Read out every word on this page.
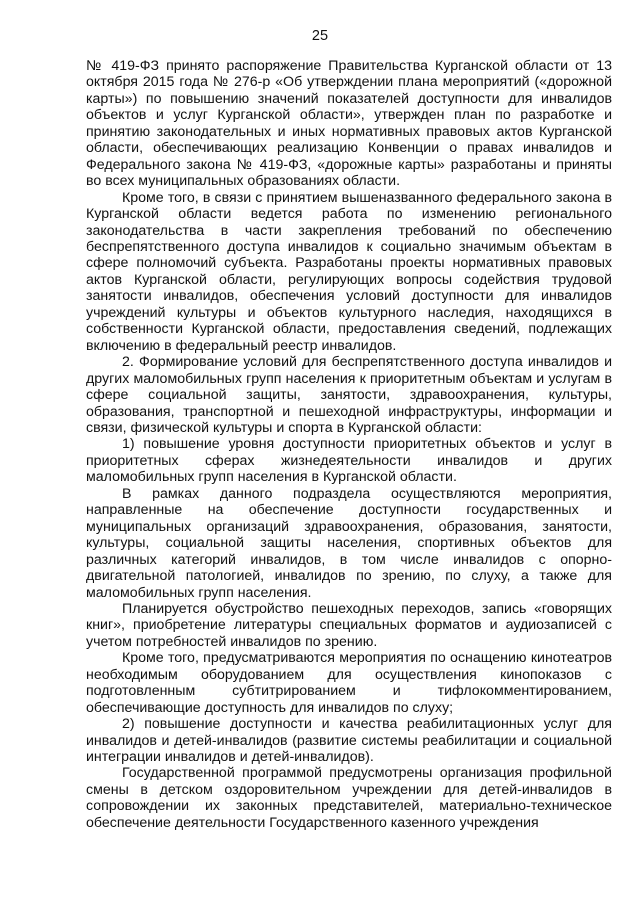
25

№ 419-ФЗ принято распоряжение Правительства Курганской области от 13 октября 2015 года № 276-р «Об утверждении плана мероприятий («дорожной карты») по повышению значений показателей доступности для инвалидов объектов и услуг Курганской области», утвержден план по разработке и принятию законодательных и иных нормативных правовых актов Курганской области, обеспечивающих реализацию Конвенции о правах инвалидов и Федерального закона № 419-ФЗ, «дорожные карты» разработаны и приняты во всех муниципальных образованиях области.

Кроме того, в связи с принятием вышеназванного федерального закона в Курганской области ведется работа по изменению регионального законодательства в части закрепления требований по обеспечению беспрепятственного доступа инвалидов к социально значимым объектам в сфере полномочий субъекта. Разработаны проекты нормативных правовых актов Курганской области, регулирующих вопросы содействия трудовой занятости инвалидов, обеспечения условий доступности для инвалидов учреждений культуры и объектов культурного наследия, находящихся в собственности Курганской области, предоставления сведений, подлежащих включению в федеральный реестр инвалидов.

2. Формирование условий для беспрепятственного доступа инвалидов и других маломобильных групп населения к приоритетным объектам и услугам в сфере социальной защиты, занятости, здравоохранения, культуры, образования, транспортной и пешеходной инфраструктуры, информации и связи, физической культуры и спорта в Курганской области:

1) повышение уровня доступности приоритетных объектов и услуг в приоритетных сферах жизнедеятельности инвалидов и других маломобильных групп населения в Курганской области.

В рамках данного подраздела осуществляются мероприятия, направленные на обеспечение доступности государственных и муниципальных организаций здравоохранения, образования, занятости, культуры, социальной защиты населения, спортивных объектов для различных категорий инвалидов, в том числе инвалидов с опорно-двигательной патологией, инвалидов по зрению, по слуху, а также для маломобильных групп населения.

Планируется обустройство пешеходных переходов, запись «говорящих книг», приобретение литературы специальных форматов и аудиозаписей с учетом потребностей инвалидов по зрению.

Кроме того, предусматриваются мероприятия по оснащению кинотеатров необходимым оборудованием для осуществления кинопоказов с подготовленным субтитрированием и тифлокомментированием, обеспечивающие доступность для инвалидов по слуху;

2) повышение доступности и качества реабилитационных услуг для инвалидов и детей-инвалидов (развитие системы реабилитации и социальной интеграции инвалидов и детей-инвалидов).

Государственной программой предусмотрены организация профильной смены в детском оздоровительном учреждении для детей-инвалидов в сопровождении их законных представителей, материально-техническое обеспечение деятельности Государственного казенного учреждения
